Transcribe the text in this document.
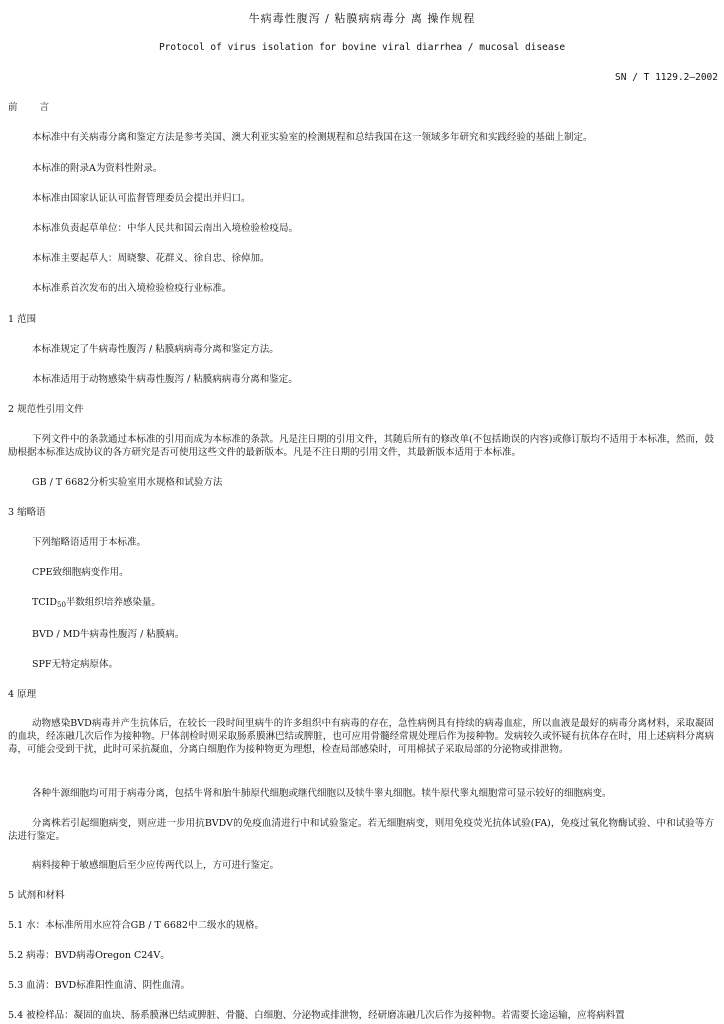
牛病毒性腹泻 / 粘膜病病毒分 离 操作规程
Protocol of virus isolation for bovine viral diarrhea / mucosal disease
SN / T 1129.2—2002
前言
本标准中有关病毒分离和鉴定方法是参考美国、澳大利亚实验室的检测规程和总结我国在这一领域多年研究和实践经验的基础上制定。
本标准的附录A为资料性附录。
本标准由国家认证认可监督管理委员会提出并归口。
本标准负责起草单位：中华人民共和国云南出入境检验检疫局。
本标准主要起草人：周晓黎、花群义、徐自忠、徐倬加。
本标准系首次发布的出入境检验检疫行业标准。
1 范围
本标准规定了牛病毒性腹泻 / 粘膜病病毒分离和鉴定方法。
本标准适用于动物感染牛病毒性腹泻 / 粘膜病病毒分离和鉴定。
2 规范性引用文件
下列文件中的条款通过本标准的引用而成为本标准的条款。凡是注日期的引用文件，其随后所有的修改单(不包括勘误的内容)或修订版均不适用于本标准，然而，鼓励根据本标准达成协议的各方研究是否可使用这些文件的最新版本。凡是不注日期的引用文件，其最新版本适用于本标准。
GB / T 6682分析实验室用水规格和试验方法
3 缩略语
下列缩略语适用于本标准。
CPE致细胞病变作用。
$TCID_{50}$半数组织培养感染量。
BVD / MD牛病毒性腹泻 / 粘膜病。
SPF无特定病原体。
4 原理
动物感染BVD病毒并产生抗体后，在较长一段时间里病牛的许多组织中有病毒的存在，急性病例具有持续的病毒血症，所以血液是最好的病毒分离材料，采取凝固的血块，经冻融几次后作为接种物。尸体剖检时则采取肠系膜淋巴结或脾脏，也可应用骨髓经常规处理后作为接种物。发病较久或怀疑有抗体存在时，用上述病料分离病毒，可能会受到干扰，此时可采抗凝血，分离白细胞作为接种物更为理想，检查局部感染时，可用棉拭子采取局部的分泌物或排泄物。
各种牛源细胞均可用于病毒分离，包括牛肾和胎牛肺原代细胞或继代细胞以及犊牛睾丸细胞。犊牛原代睾丸细胞常可显示较好的细胞病变。
分离株若引起细胞病变，则应进一步用抗BVDV的免疫血清进行中和试验鉴定。若无细胞病变，则用免疫荧光抗体试验(FA)，免疫过氧化物酶试验、中和试验等方法进行鉴定。
病料接种于敏感细胞后至少应传两代以上，方可进行鉴定。
5 试剂和材料
5.1 水：本标准所用水应符合GB / T 6682中二级水的规格。
5.2 病毒：BVD病毒Oregon C24V。
5.3 血清：BVD标准阳性血清、阴性血清。
5.4 被检样品：凝固的血块、肠系膜淋巴结或脾脏、骨髓、白细胞、分泌物或排泄物，经研磨冻融几次后作为接种物。若需要长途运输，应将病料置
